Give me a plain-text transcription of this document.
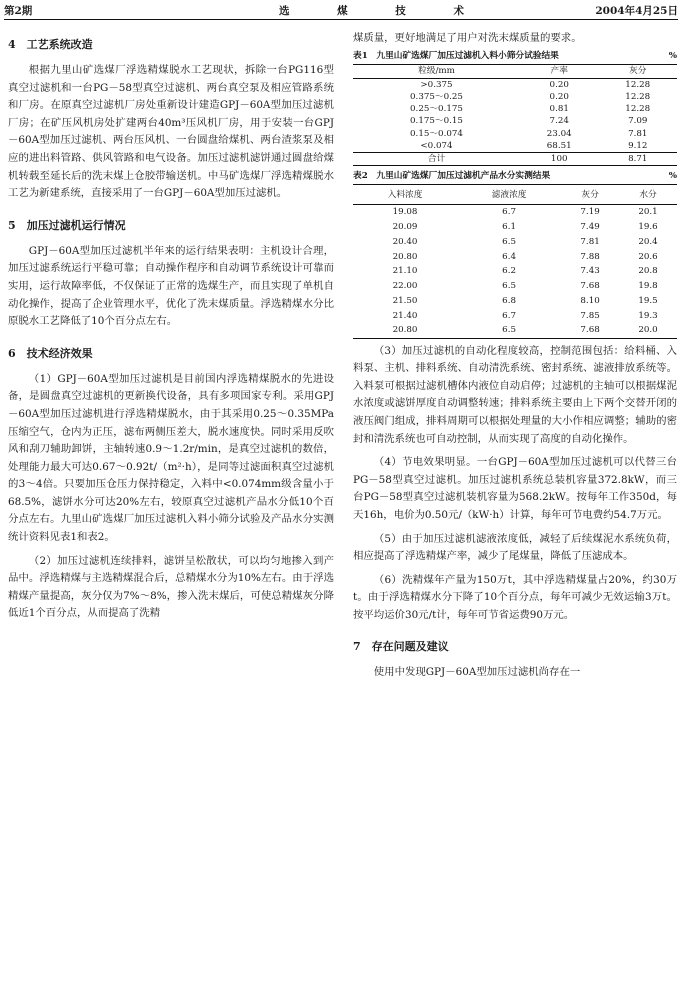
第2期	选 煤 技 术	2004年4月25日
4　工艺系统改造

根据九里山矿选煤厂浮选精煤脱水工艺现状，拆除一台PG116型真空过滤机和一台PG－58型真空过滤机、两台真空泵及相应管路系统和厂房。在原真空过滤机厂房处重新设计建造GPJ－60A型加压过滤机厂房；在矿压风机房处扩建两台40m³压风机厂房，用于安装一台GPJ－60A型加压过滤机、两台压风机、一台圆盘给煤机、两台渣浆泵及相应的进出料管路、供风管路和电气设备。加压过滤机滤饼通过圆盘给煤机转载至延长后的洗末煤上仓胶带输送机。中马矿选煤厂浮选精煤脱水工艺为新建系统，直接采用了一台GPJ－60A型加压过滤机。

5　加压过滤机运行情况

GPJ－60A型加压过滤机半年来的运行结果表明：主机设计合理，加压过滤系统运行平稳可靠；自动操作程序和自动调节系统设计可靠而实用，运行故障率低，不仅保证了正常的选煤生产，而且实现了单机自动化操作，提高了企业管理水平，优化了洗末煤质量。浮选精煤水分比原脱水工艺降低了10个百分点左右。

6　技术经济效果

（1）GPJ－60A型加压过滤机是目前国内浮选精煤脱水的先进设备，是圆盘真空过滤机的更新换代设备，具有多项国家专利。采用GPJ－60A型加压过滤机进行浮选精煤脱水，由于其采用0.25～0.35MPa压缩空气，仓内为正压，滤布两侧压差大，脱水速度快。同时采用反吹风和刮刀辅助卸饼，主轴转速0.9～1.2r/min，是真空过滤机的数倍，处理能力最大可达0.67～0.92t/（m²·h），是同等过滤面积真空过滤机的3～4倍。只要加压仓压力保持稳定，入料中<0.074mm级含量小于68.5%，滤饼水分可达20%左右，较原真空过滤机产品水分低10个百分点左右。九里山矿选煤厂加压过滤机入料小筛分试验及产品水分实测统计资料见表1和表2。

（2）加压过滤机连续排料，滤饼呈松散状，可以均匀地掺入到产品中。浮选精煤与主选精煤混合后，总精煤水分为10%左右。由于浮选精煤产量提高，灰分仅为7%～8%，掺入洗末煤后，可使总精煤灰分降低近1个百分点，从而提高了洗精

煤质量，更好地满足了用户对洗末煤质量的要求。

表1　九里山矿选煤厂加压过滤机入料小筛分试验结果	%
粒级/mm	产率	灰分
>0.375	0.20	12.28
0.375～0.25	0.20	12.28
0.25～0.175	0.81	12.28
0.175～0.15	7.24	7.09
0.15～0.074	23.04	7.81
<0.074	68.51	9.12
合计	100	8.71
表2　九里山矿选煤厂加压过滤机产品水分实测结果	%
入料浓度	滤液浓度	灰分	水分
19.08	6.7	7.19	20.1
20.09	6.1	7.49	19.6
20.40	6.5	7.81	20.4
20.80	6.4	7.88	20.6
21.10	6.2	7.43	20.8
22.00	6.5	7.68	19.8
21.50	6.8	8.10	19.5
21.40	6.7	7.85	19.3
20.80	6.5	7.68	20.0

（3）加压过滤机的自动化程度较高，控制范围包括：给料桶、入料泵、主机、排料系统、自动清洗系统、密封系统、滤液排放系统等。入料泵可根据过滤机槽体内液位自动启停；过滤机的主轴可以根据煤泥水浓度或滤饼厚度自动调整转速；排料系统主要由上下两个交替开闭的液压阀门组成，排料周期可以根据处理量的大小作相应调整；辅助的密封和清洗系统也可自动控制，从而实现了高度的自动化操作。

（4）节电效果明显。一台GPJ－60A型加压过滤机可以代替三台PG－58型真空过滤机。加压过滤机系统总装机容量372.8kW，而三台PG－58型真空过滤机装机容量为568.2kW。按每年工作350d，每天16h，电价为0.50元/（kW·h）计算，每年可节电费约54.7万元。

（5）由于加压过滤机滤液浓度低，减轻了后续煤泥水系统负荷，相应提高了浮选精煤产率，减少了尾煤量，降低了压滤成本。

（6）洗精煤年产量为150万t，其中浮选精煤量占20%，约30万t。由于浮选精煤水分下降了10个百分点，每年可减少无效运输3万t。按平均运价30元/t计，每年可节省运费90万元。

7　存在问题及建议

使用中发现GPJ－60A型加压过滤机尚存在一
